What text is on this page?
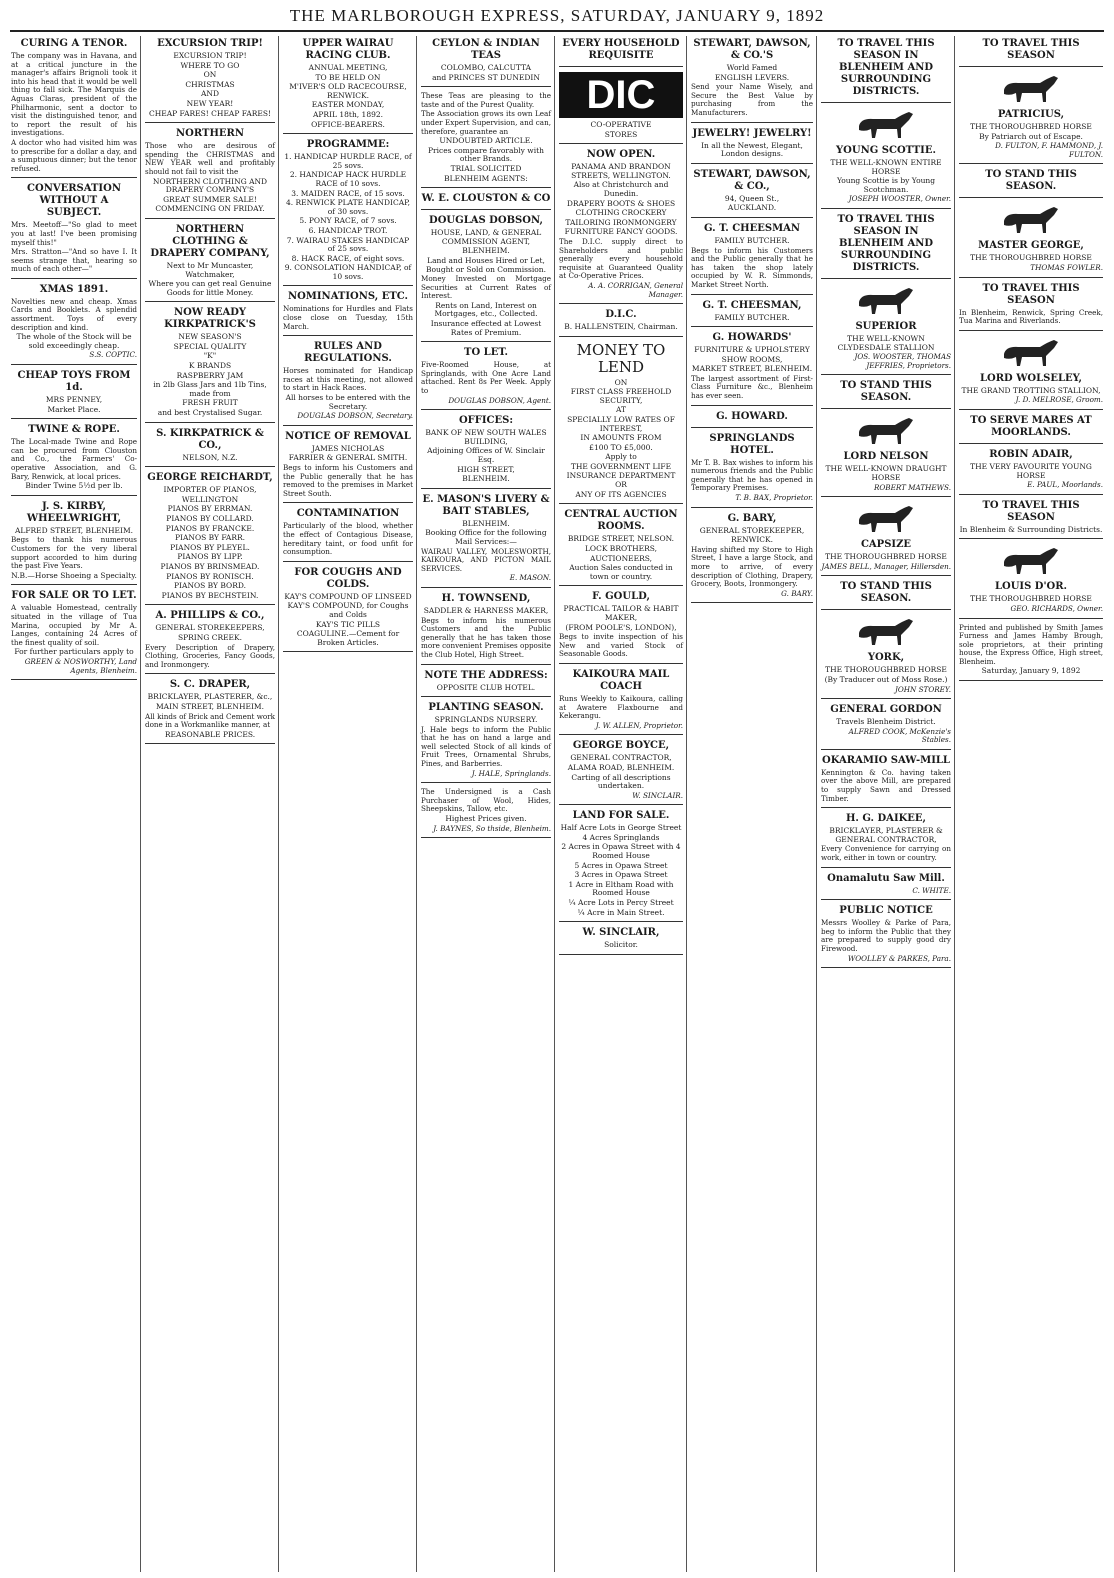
THE MARLBOROUGH EXPRESS, SATURDAY, JANUARY 9, 1892
CURING A TENOR.
The company was in Havana, and at a critical juncture in the manager's affairs Brignoli took it into his head that it would be well thing to fall sick. The Marquis de Aguas Claras, president of the Philharmonic, sent a doctor to visit the distinguished tenor, and to report the result of his investigations.
A doctor who had visited him was to prescribe for a dollar a day, and a sumptuous dinner; but the tenor refused.
CONVERSATION WITHOUT A SUBJECT.
Mrs. Meetoff—"So glad to meet you at last! I've been promising myself this!"
Mrs. Stratton—"And so have I. It seems strange that, hearing so much of each other—"
XMAS 1891.
Novelties new and cheap. Xmas Cards and Booklets. A splendid assortment. Toys of every description and kind.
The whole of the Stock will be sold exceedingly cheap.
S.S. COPTIC.
CHEAP TOYS FROM 1d.
MRS PENNEY,
Market Place.
TWINE & ROPE.
The Local-made Twine and Rope can be procured from Clouston and Co., the Farmers' Co-operative Association, and G. Bary, Renwick, at local prices.
Binder Twine 5½d per lb.
J. S. KIRBY, WHEELWRIGHT,
ALFRED STREET, BLENHEIM.
Begs to thank his numerous Customers for the very liberal support accorded to him during the past Five Years.
N.B.—Horse Shoeing a Specialty.
FOR SALE OR TO LET.
A valuable Homestead, centrally situated in the village of Tua Marina, occupied by Mr A. Langes, containing 24 Acres of the finest quality of soil.
For further particulars apply to
GREEN & NOSWORTHY, Land Agents, Blenheim.
EXCURSION TRIP!
EXCURSION TRIP!
WHERE TO GO
ON
CHRISTMAS
AND
NEW YEAR!
CHEAP FARES! CHEAP FARES!
NORTHERN
Those who are desirous of spending the CHRISTMAS and NEW YEAR well and profitably should not fail to visit the
NORTHERN CLOTHING AND DRAPERY COMPANY'S
GREAT SUMMER SALE!
COMMENCING ON FRIDAY.
NORTHERN CLOTHING & DRAPERY COMPANY,
Next to Mr Muncaster, Watchmaker,
Where you can get real Genuine Goods for little Money.
NOW READY KIRKPATRICK'S
NEW SEASON'S
SPECIAL QUALITY
"K"
K BRANDS
RASPBERRY JAM
in 2lb Glass Jars and 1lb Tins, made from
FRESH FRUIT
and best Crystalised Sugar.
S. KIRKPATRICK & CO.,
NELSON, N.Z.
GEORGE REICHARDT,
IMPORTER OF PIANOS,
WELLINGTON
PIANOS BY ERRMAN.
PIANOS BY COLLARD.
PIANOS BY FRANCKE.
PIANOS BY FARR.
PIANOS BY PLEYEL.
PIANOS BY LIPP.
PIANOS BY BRINSMEAD.
PIANOS BY RONISCH.
PIANOS BY BORD.
PIANOS BY BECHSTEIN.
A. PHILLIPS & CO.,
GENERAL STOREKEEPERS,
SPRING CREEK.
Every Description of Drapery, Clothing, Groceries, Fancy Goods, and Ironmongery.
S. C. DRAPER,
BRICKLAYER, PLASTERER, &c.,
MAIN STREET, BLENHEIM.
All kinds of Brick and Cement work done in a Workmanlike manner, at
REASONABLE PRICES.
UPPER WAIRAU RACING CLUB.
ANNUAL MEETING,
TO BE HELD ON
M'IVER'S OLD RACECOURSE, RENWICK.
EASTER MONDAY,
APRIL 18th, 1892.
OFFICE-BEARERS.
PROGRAMME:
1. HANDICAP HURDLE RACE, of 25 sovs.
2. HANDICAP HACK HURDLE RACE of 10 sovs.
3. MAIDEN RACE, of 15 sovs.
4. RENWICK PLATE HANDICAP, of 30 sovs.
5. PONY RACE, of 7 sovs.
6. HANDICAP TROT.
7. WAIRAU STAKES HANDICAP of 25 sovs.
8. HACK RACE, of eight sovs.
9. CONSOLATION HANDICAP, of 10 sovs.
NOMINATIONS, ETC.
Nominations for Hurdles and Flats close close on Tuesday, 15th March.
RULES AND REGULATIONS.
Horses nominated for Handicap races at this meeting, not allowed to start in Hack Races.
All horses to be entered with the Secretary.
DOUGLAS DOBSON, Secretary.
NOTICE OF REMOVAL
JAMES NICHOLAS
FARRIER & GENERAL SMITH.
Begs to inform his Customers and the Public generally that he has removed to the premises in Market Street South.
CONTAMINATION
Particularly of the blood, whether the effect of Contagious Disease, hereditary taint, or food unfit for consumption.
FOR COUGHS AND COLDS.
KAY'S COMPOUND OF LINSEED
KAY'S COMPOUND, for Coughs and Colds
KAY'S TIC PILLS
COAGULINE.—Cement for Broken Articles.
CEYLON & INDIAN TEAS
COLOMBO, CALCUTTA
and PRINCES ST DUNEDIN
These Teas are pleasing to the taste and of the Purest Quality.
The Association grows its own Leaf under Expert Supervision, and can, therefore, guarantee an
UNDOUBTED ARTICLE.
Prices compare favorably with other Brands.
TRIAL SOLICITED
BLENHEIM AGENTS:
W. E. CLOUSTON & CO
DOUGLAS DOBSON,
HOUSE, LAND, & GENERAL COMMISSION AGENT,
BLENHEIM.
Land and Houses Hired or Let, Bought or Sold on Commission.
Money Invested on Mortgage Securities at Current Rates of Interest.
Rents on Land, Interest on Mortgages, etc., Collected.
Insurance effected at Lowest Rates of Premium.
TO LET.
Five-Roomed House, at Springlands, with One Acre Land attached. Rent 8s Per Week. Apply to
DOUGLAS DOBSON, Agent.
OFFICES:
BANK OF NEW SOUTH WALES BUILDING,
Adjoining Offices of W. Sinclair Esq.
HIGH STREET,
BLENHEIM.
E. MASON'S LIVERY & BAIT STABLES,
BLENHEIM.
Booking Office for the following Mail Services:—
WAIRAU VALLEY, MOLESWORTH, KAIKOURA, AND PICTON MAIL SERVICES.
E. MASON.
H. TOWNSEND,
SADDLER & HARNESS MAKER,
Begs to inform his numerous Customers and the Public generally that he has taken those more convenient Premises opposite the Club Hotel, High Street.
NOTE THE ADDRESS:
OPPOSITE CLUB HOTEL.
PLANTING SEASON.
SPRINGLANDS NURSERY.
J. Hale begs to inform the Public that he has on hand a large and well selected Stock of all kinds of Fruit Trees, Ornamental Shrubs, Pines, and Barberries.
J. HALE, Springlands.
The Undersigned is a Cash Purchaser of Wool, Hides, Sheepskins, Tallow, etc.
Highest Prices given.
J. BAYNES, So thside, Blenheim.
EVERY HOUSEHOLD REQUISITE
DIC
CO-OPERATIVE
STORES
NOW OPEN.
PANAMA AND BRANDON STREETS, WELLINGTON.
Also at Christchurch and Dunedin.
DRAPERY BOOTS & SHOES
CLOTHING CROCKERY
TAILORING IRONMONGERY
FURNITURE FANCY GOODS.
The D.I.C. supply direct to Shareholders and public generally every household requisite at Guaranteed Quality at Co-Operative Prices.
A. A. CORRIGAN, General Manager.
D.I.C.
B. HALLENSTEIN, Chairman.
MONEY TO LEND
ON
FIRST CLASS FREEHOLD SECURITY,
AT
SPECIALLY LOW RATES OF INTEREST,
IN AMOUNTS FROM
£100 TO £5,000.
Apply to
THE GOVERNMENT LIFE INSURANCE DEPARTMENT
OR
ANY OF ITS AGENCIES
CENTRAL AUCTION ROOMS.
BRIDGE STREET, NELSON.
LOCK BROTHERS,
AUCTIONEERS,
Auction Sales conducted in town or country.
F. GOULD,
PRACTICAL TAILOR & HABIT MAKER,
(FROM POOLE'S, LONDON),
Begs to invite inspection of his New and varied Stock of Seasonable Goods.
KAIKOURA MAIL COACH
Runs Weekly to Kaikoura, calling at Awatere Flaxbourne and Kekerangu.
J. W. ALLEN, Proprietor.
GEORGE BOYCE,
GENERAL CONTRACTOR,
ALAMA ROAD, BLENHEIM.
Carting of all descriptions undertaken.
W. SINCLAIR.
LAND FOR SALE.
Half Acre Lots in George Street
4 Acres Springlands
2 Acres in Opawa Street with 4 Roomed House
5 Acres in Opawa Street
3 Acres in Opawa Street
1 Acre in Eltham Road with Roomed House
¼ Acre Lots in Percy Street
¼ Acre in Main Street.
W. SINCLAIR,
Solicitor.
STEWART, DAWSON, & CO.'S
World Famed
ENGLISH LEVERS.
Send your Name Wisely, and Secure the Best Value by purchasing from the Manufacturers.
JEWELRY! JEWELRY!
In all the Newest, Elegant, London designs.
STEWART, DAWSON, & CO.,
94, Queen St.,
AUCKLAND.
G. T. CHEESMAN
FAMILY BUTCHER.
Begs to inform his Customers and the Public generally that he has taken the shop lately occupied by W. R. Simmonds, Market Street North.
G. T. CHEESMAN,
FAMILY BUTCHER.
G. HOWARDS'
FURNITURE & UPHOLSTERY
SHOW ROOMS,
MARKET STREET, BLENHEIM.
The largest assortment of First-Class Furniture &c., Blenheim has ever seen.
G. HOWARD.
SPRINGLANDS HOTEL.
Mr T. B. Bax wishes to inform his numerous friends and the Public generally that he has opened in Temporary Premises.
T. B. BAX, Proprietor.
G. BARY,
GENERAL STOREKEEPER,
RENWICK.
Having shifted my Store to High Street, I have a large Stock, and more to arrive, of every description of Clothing, Drapery, Grocery, Boots, Ironmongery.
G. BARY.
TO TRAVEL THIS SEASON IN BLENHEIM AND SURROUNDING DISTRICTS.
YOUNG SCOTTIE.
THE WELL-KNOWN ENTIRE HORSE
Young Scottie is by Young Scotchman.
JOSEPH WOOSTER, Owner.
TO TRAVEL THIS SEASON IN BLENHEIM AND SURROUNDING DISTRICTS.
SUPERIOR
THE WELL-KNOWN CLYDESDALE STALLION
JOS. WOOSTER, THOMAS JEFFRIES, Proprietors.
TO STAND THIS SEASON.
LORD NELSON
THE WELL-KNOWN DRAUGHT HORSE
ROBERT MATHEWS.
CAPSIZE
THE THOROUGHBRED HORSE
JAMES BELL, Manager, Hillersden.
TO STAND THIS SEASON.
YORK,
THE THOROUGHBRED HORSE
(By Traducer out of Moss Rose.)
JOHN STOREY.
GENERAL GORDON
Travels Blenheim District.
ALFRED COOK, McKenzie's Stables.
OKARAMIO SAW-MILL
Kennington & Co. having taken over the above Mill, are prepared to supply Sawn and Dressed Timber.
H. G. DAIKEE,
BRICKLAYER, PLASTERER & GENERAL CONTRACTOR,
Every Convenience for carrying on work, either in town or country.
Onamalutu Saw Mill.
C. WHITE.
PUBLIC NOTICE
Messrs Woolley & Parke of Para, beg to inform the Public that they are prepared to supply good dry Firewood.
WOOLLEY & PARKES, Para.
TO TRAVEL THIS SEASON
PATRICIUS,
THE THOROUGHBRED HORSE
By Patriarch out of Escape.
D. FULTON, F. HAMMOND, J. FULTON.
TO STAND THIS SEASON.
MASTER GEORGE,
THE THOROUGHBRED HORSE
THOMAS FOWLER.
TO TRAVEL THIS SEASON
In Blenheim, Renwick, Spring Creek, Tua Marina and Riverlands.
LORD WOLSELEY,
THE GRAND TROTTING STALLION,
J. D. MELROSE, Groom.
TO SERVE MARES AT MOORLANDS.
ROBIN ADAIR,
THE VERY FAVOURITE YOUNG HORSE
E. PAUL, Moorlands.
TO TRAVEL THIS SEASON
In Blenheim & Surrounding Districts.
LOUIS D'OR.
THE THOROUGHBRED HORSE
GEO. RICHARDS, Owner.
Printed and published by Smith James Furness and James Hamby Brough, sole proprietors, at their printing house, the Express Office, High street, Blenheim.
Saturday, January 9, 1892
